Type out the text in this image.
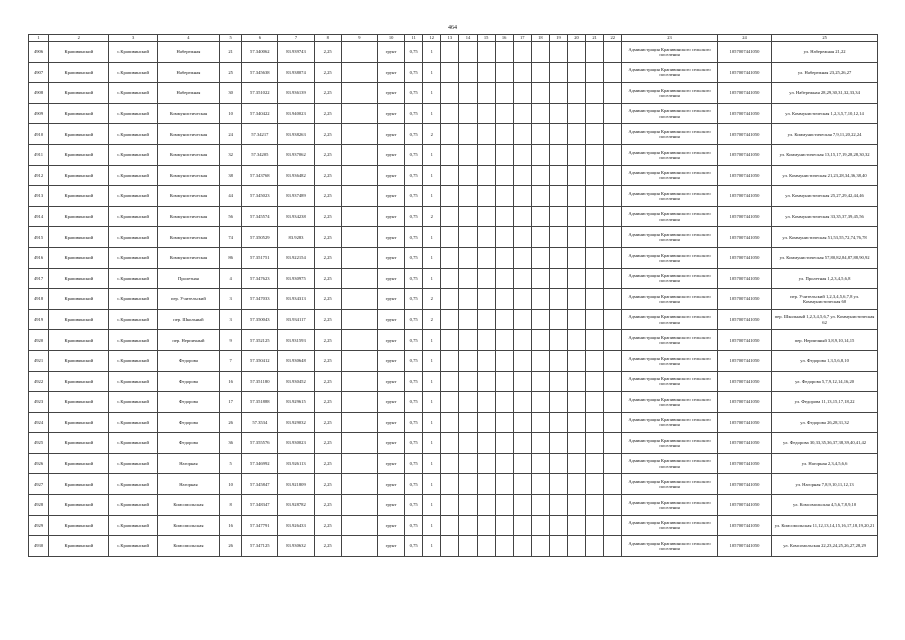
464
1	2	3	4	5	6	7	8	9	10	11	12	13	14	15	16	17	18	19	20	21	22	23	24	25
4906	Крапивинский	с.Крапивинский	Набережная	21	57.340062	83.939743	2,25		грунт	0,75	1											Администрация Крапивинского сельского поселения	1057007441050	ул. Набережная 21,22
4907	Крапивинский	с.Крапивинский	Набережная	25	57.345638	83.938074	2,25		грунт	0,75	1											Администрация Крапивинского сельского поселения	1057007441050	ул. Набережная 23,25,26,27
4908	Крапивинский	с.Крапивинский	Набережная	30	57.351022	83.936139	2,25		грунт	0,75	1											Администрация Крапивинского сельского поселения	1057007441050	ул. Набережная 28,29,30,31,32,33,34
4909	Крапивинский	с.Крапивинский	Коммунистическая	10	57.340422	83.940023	2,25		грунт	0,75	1											Администрация Крапивинского сельского поселения	1057007441050	ул. Коммунистическая 1,2,3,5,7,10,12,14
4910	Крапивинский	с.Крапивинский	Коммунистическая	24	57.34217	83.938263	2,25		грунт	0,75	2											Администрация Крапивинского сельского поселения	1057007441050	ул. Коммунистическая 7,9,11,20,22,24
4911	Крапивинский	с.Крапивинский	Коммунистическая	32	57.34205	83.937062	2,25		грунт	0,75	1											Администрация Крапивинского сельского поселения	1057007441050	ул. Коммунистическая 13,15,17,19,28,28,30,32
4912	Крапивинский	с.Крапивинский	Коммунистическая	38	57.343768	83.936482	2,25		грунт	0,75	1											Администрация Крапивинского сельского поселения	1057007441050	ул. Коммунистическая 21,23,28,34,36,38,40
4913	Крапивинский	с.Крапивинский	Коммунистическая	44	57.345023	83.937489	2,25		грунт	0,75	1											Администрация Крапивинского сельского поселения	1057007441050	ул. Коммунистическая 25,27,29,42,44,46
4914	Крапивинский	с.Крапивинский	Коммунистическая	56	57.345574	83.934238	2,25		грунт	0,75	2											Администрация Крапивинского сельского поселения	1057007441050	ул. Коммунистическая 33,35,37,39,45,56
4915	Крапивинский	с.Крапивинский	Коммунистическая	74	57.350529	83.9283	2,25		грунт	0,75	1											Администрация Крапивинского сельского поселения	1057007441050	ул. Коммунистическая 51,53,55,72,74,76,78
4916	Крапивинский	с.Крапивинский	Коммунистическая	86	57.351751	83.922154	2,25		грунт	0,75	1											Администрация Крапивинского сельского поселения	1057007441050	ул. Коммунистическая 57,80,82,84,87,88,90,92
4917	Крапивинский	с.Крапивинский	Пролетная	4	57.347623	83.930975	2,25		грунт	0,75	1											Администрация Крапивинского сельского поселения	1057007441050	ул. Пролетная 1,2,3,4,5,6,8
4918	Крапивинский	с.Крапивинский	пер. Учительский	3	57.347033	83.934313	2,25		грунт	0,75	2											Администрация Крапивинского сельского поселения	1057007441050	пер. Учительский 1,2,3,4,5,6,7,8 ул. Коммунистическая 60
4919	Крапивинский	с.Крапивинский	пер. Школьный	3	57.350043	83.934117	2,25		грунт	0,75	2											Администрация Крапивинского сельского поселения	1057007441050	пер. Школьный 1,2,3,4,5,6,7 ул. Коммунистическая 62
4920	Крапивинский	с.Крапивинский	пер. Нерпичный	9	57.352125	83.931593	2,25		грунт	0,75	1											Администрация Крапивинского сельского поселения	1057007441050	пер. Нерпичный 3,8,9,10,14,15
4921	Крапивинский	с.Крапивинский	Федорова	7	57.350412	83.930648	2,25		грунт	0,75	1											Администрация Крапивинского сельского поселения	1057007441050	ул. Федорова 1,3,5,6,8,10
4922	Крапивинский	с.Крапивинский	Федорова	16	57.351180	83.930452	2,25		грунт	0,75	1											Администрация Крапивинского сельского поселения	1057007441050	ул. Федорова 5,7,9,12,14,16,20
4923	Крапивинский	с.Крапивинский	Федорова	17	57.351888	83.929615	2,25		грунт	0,75	1											Администрация Крапивинского сельского поселения	1057007441050	ул. Федорова 11,13,15,17,18,22
4924	Крапивинский	с.Крапивинский	Федорова	26	57.3534	83.929032	2,25		грунт	0,75	1											Администрация Крапивинского сельского поселения	1057007441050	ул. Федорова 26,28,31,32
4925	Крапивинский	с.Крапивинский	Федорова	36	57.355576	83.930023	2,25		грунт	0,75	1											Администрация Крапивинского сельского поселения	1057007441050	ул. Федорова 30,33,35,36,37,38,39,40,41,42
4926	Крапивинский	с.Крапивинский	Нагорная	5	57.346992	83.926113	2,25		грунт	0,75	1											Администрация Крапивинского сельского поселения	1057007441050	ул. Нагорная 2,3,4,5,6,6
4927	Крапивинский	с.Крапивинский	Нагорная	10	57.345847	83.921809	2,25		грунт	0,75	1											Администрация Крапивинского сельского поселения	1057007441050	ул. Нагорная 7,8,9,10,11,12,13
4928	Крапивинский	с.Крапивинский	Комсомольская	8	57.348347	83.928782	2,25		грунт	0,75	1											Администрация Крапивинского сельского поселения	1057007441050	ул. Комсомольская 4,5,6,7,8,9,10
4929	Крапивинский	с.Крапивинский	Комсомольская	16	57.347791	83.926433	2,25		грунт	0,75	1											Администрация Крапивинского сельского поселения	1057007441050	ул. Комсомольская 11,12,13,14,15,16,17,18,19,20,21
4930	Крапивинский	с.Крапивинский	Комсомольская	26	57.347125	83.930632	2,25		грунт	0,75	1											Администрация Крапивинского сельского поселения	1057007441050	ул. Комсомольская 22,23,24,25,26,27,28,29
